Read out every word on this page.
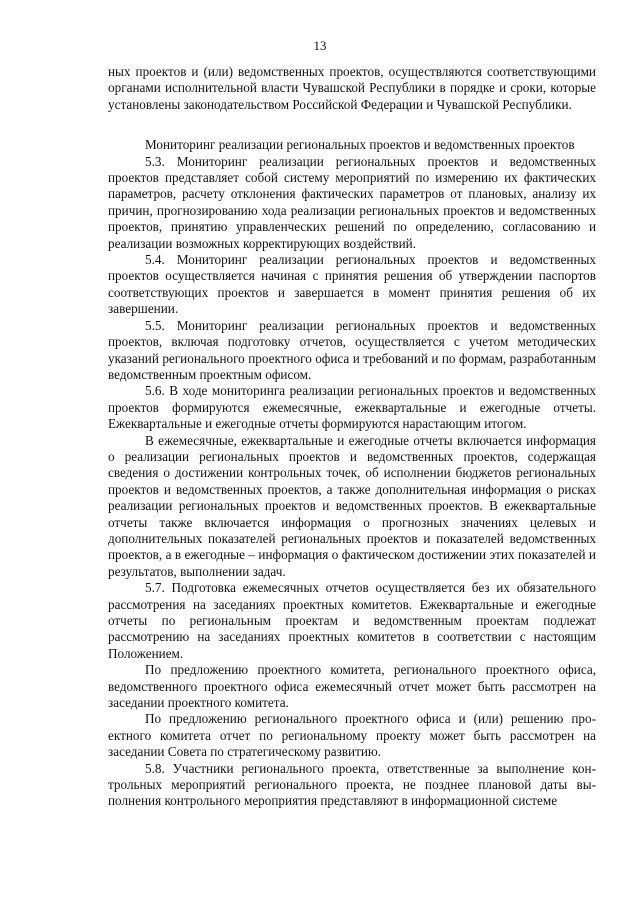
13

ных проектов и (или) ведомственных проектов, осуществляются соответствующими органами исполнительной власти Чувашской Республики в порядке и сроки, которые установлены законодательством Российской Федерации и Чувашской Республики.

Мониторинг реализации региональных проектов и ведомственных проектов

5.3. Мониторинг реализации региональных проектов и ведомственных проектов представляет собой систему мероприятий по измерению их фактических параметров, расчету отклонения фактических параметров от плановых, анализу их причин, прогнозированию хода реализации региональных проектов и ведомственных проектов, принятию управленческих решений по определению, согласованию и реализации возможных корректирующих воздействий.

5.4. Мониторинг реализации региональных проектов и ведомственных проектов осуществляется начиная с принятия решения об утверждении паспортов соответствующих проектов и завершается в момент принятия решения об их завершении.

5.5. Мониторинг реализации региональных проектов и ведомственных проектов, включая подготовку отчетов, осуществляется с учетом методических указаний регионального проектного офиса и требований и по формам, разработанным ведомственным проектным офисом.

5.6. В ходе мониторинга реализации региональных проектов и ведомственных проектов формируются ежемесячные, ежеквартальные и ежегодные отчеты. Ежеквартальные и ежегодные отчеты формируются нарастающим итогом.

В ежемесячные, ежеквартальные и ежегодные отчеты включается информация о реализации региональных проектов и ведомственных проектов, содержащая сведения о достижении контрольных точек, об исполнении бюджетов региональных проектов и ведомственных проектов, а также дополнительная информация о рисках реализации региональных проектов и ведомственных проектов. В ежеквартальные отчеты также включается информация о прогнозных значениях целевых и дополнительных показателей региональных проектов и показателей ведомственных проектов, а в ежегодные – информация о фактическом достижении этих показателей и результатов, выполнении задач.

5.7. Подготовка ежемесячных отчетов осуществляется без их обязательного рассмотрения на заседаниях проектных комитетов. Ежеквартальные и ежегодные отчеты по региональным проектам и ведомственным проектам подлежат рассмотрению на заседаниях проектных комитетов в соответствии с настоящим Положением.

По предложению проектного комитета, регионального проектного офиса, ведомственного проектного офиса ежемесячный отчет может быть рассмотрен на заседании проектного комитета.

По предложению регионального проектного офиса и (или) решению проектного комитета отчет по региональному проекту может быть рассмотрен на заседании Совета по стратегическому развитию.

5.8. Участники регионального проекта, ответственные за выполнение контрольных мероприятий регионального проекта, не позднее плановой даты выполнения контрольного мероприятия представляют в информационной системе
